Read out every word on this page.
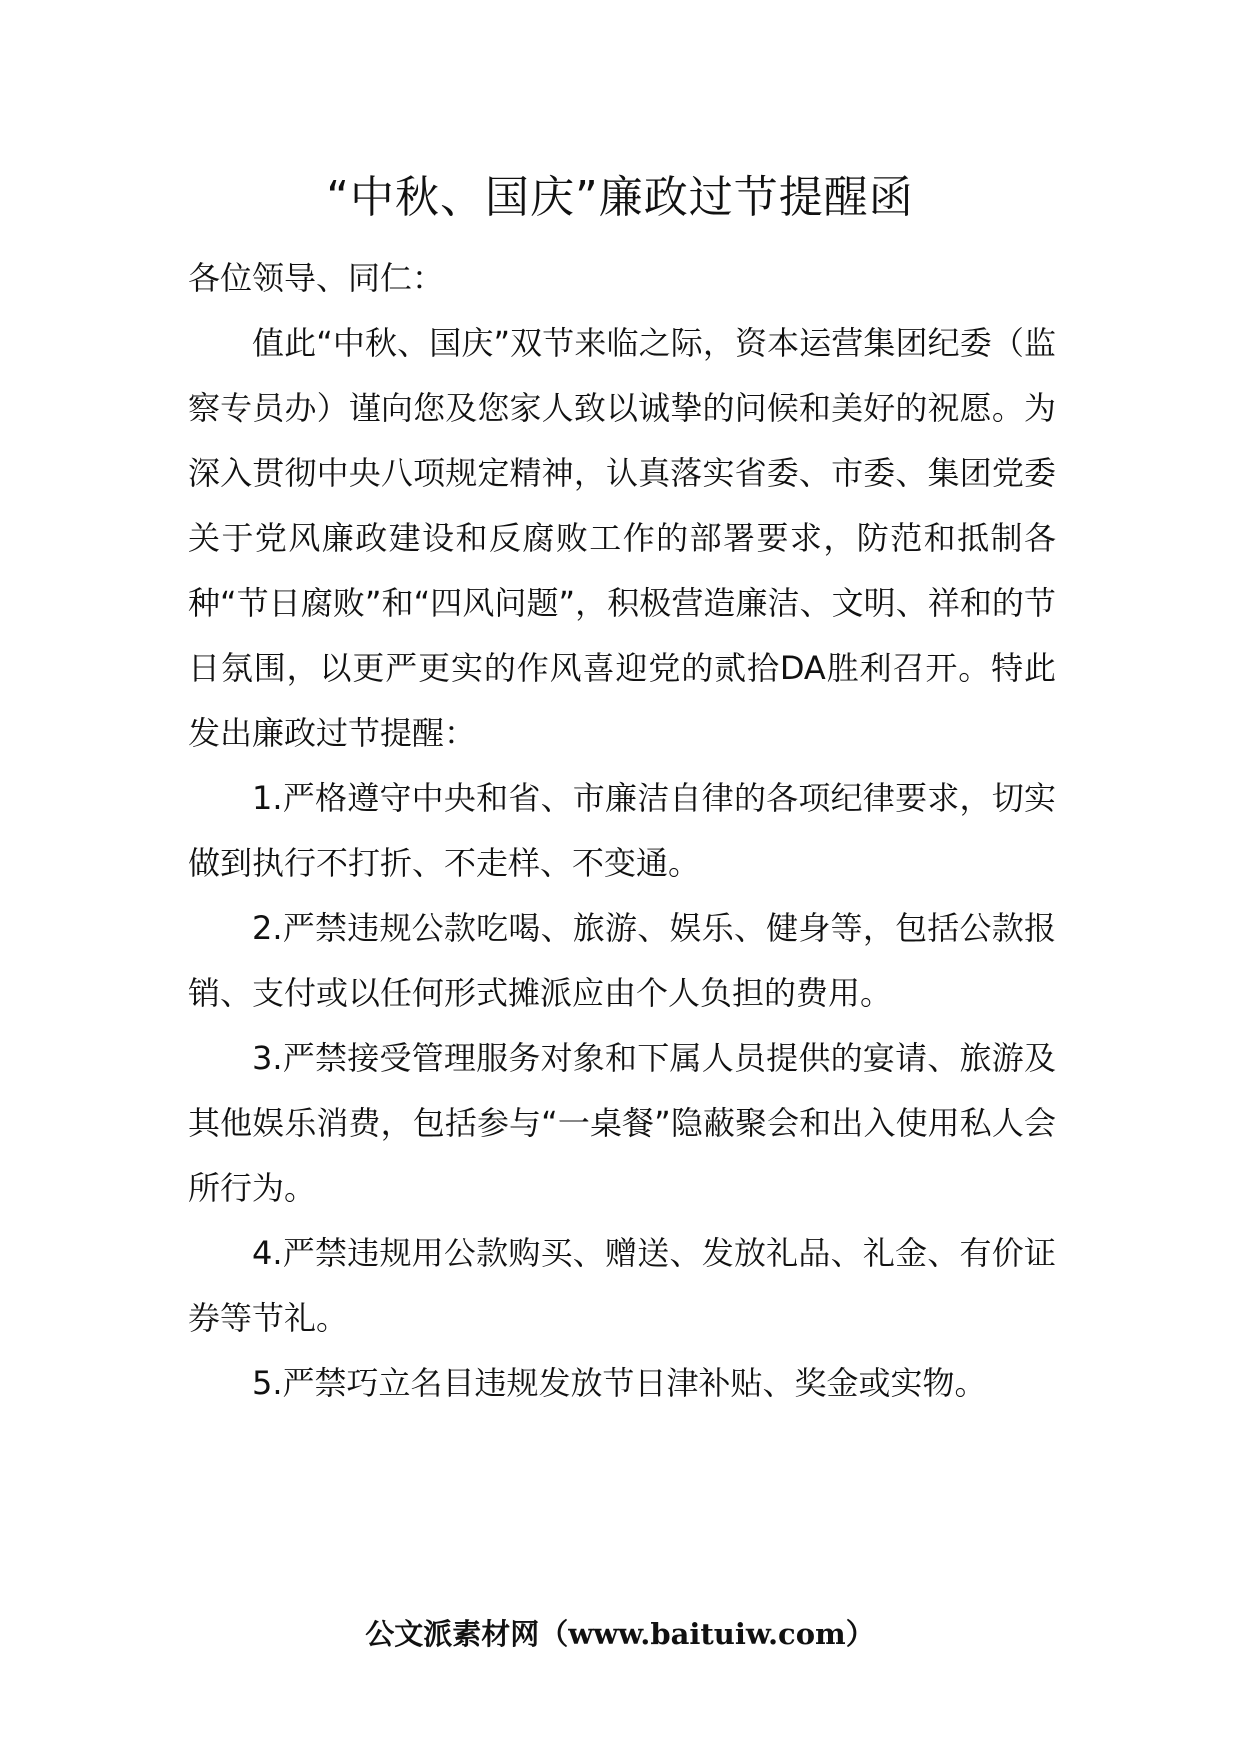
“中秋、国庆”廉政过节提醒函

各位领导、同仁：

值此“中秋、国庆”双节来临之际，资本运营集团纪委（监察专员办）谨向您及您家人致以诚挚的问候和美好的祝愿。为深入贯彻中央八项规定精神，认真落实省委、市委、集团党委关于党风廉政建设和反腐败工作的部署要求，防范和抵制各种“节日腐败”和“四风问题”，积极营造廉洁、文明、祥和的节日氛围，以更严更实的作风喜迎党的贰拾DA胜利召开。特此发出廉政过节提醒：

1.严格遵守中央和省、市廉洁自律的各项纪律要求，切实做到执行不打折、不走样、不变通。

2.严禁违规公款吃喝、旅游、娱乐、健身等，包括公款报销、支付或以任何形式摊派应由个人负担的费用。

3.严禁接受管理服务对象和下属人员提供的宴请、旅游及其他娱乐消费，包括参与“一桌餐”隐蔽聚会和出入使用私人会所行为。

4.严禁违规用公款购买、赠送、发放礼品、礼金、有价证券等节礼。

5.严禁巧立名目违规发放节日津补贴、奖金或实物。

公文派素材网（www.baituiw.com）
